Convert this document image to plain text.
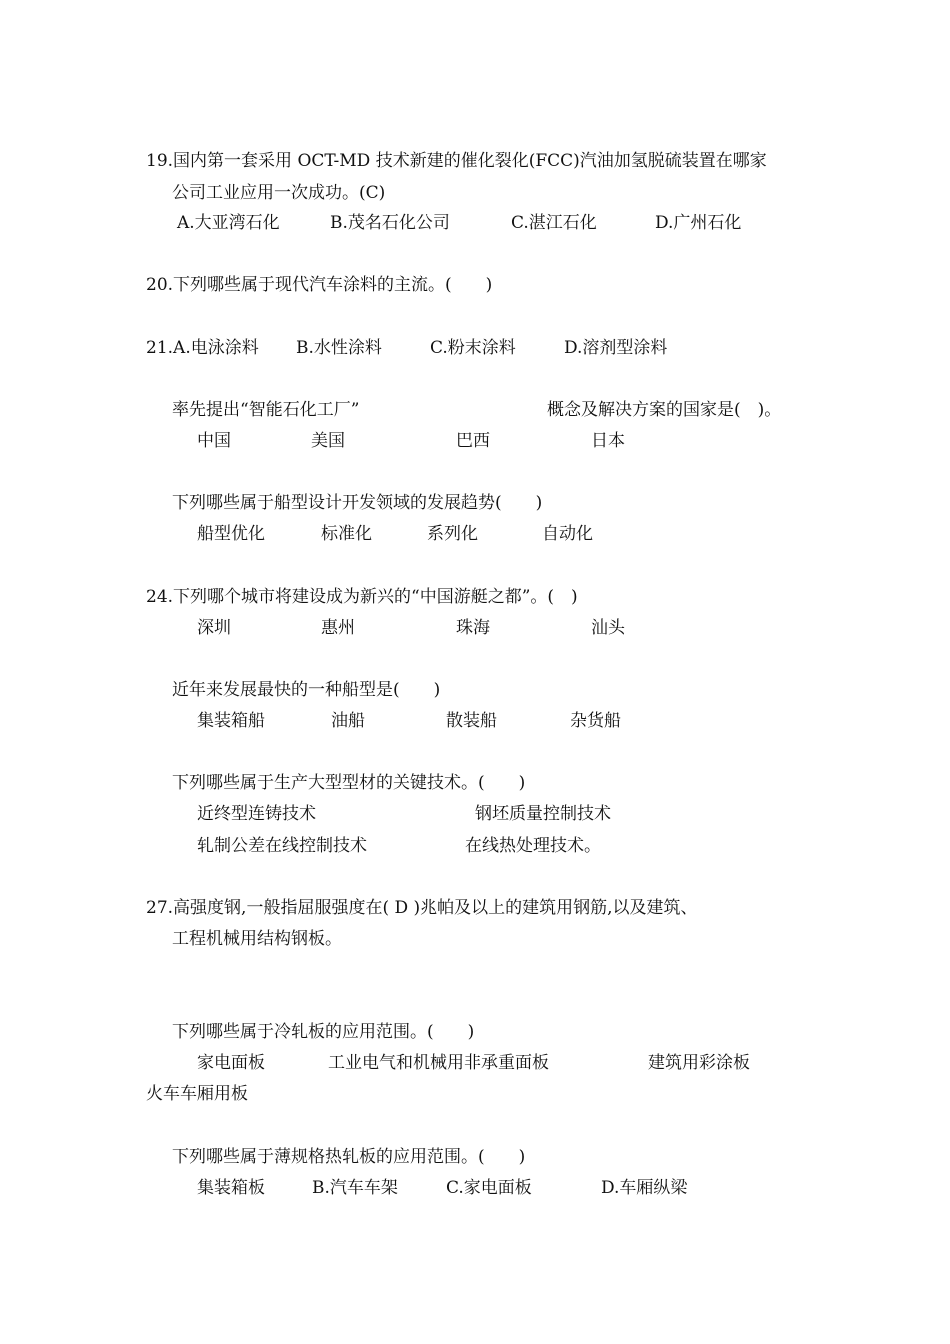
19.国内第一套采用 OCT-MD 技术新建的催化裂化(FCC)汽油加氢脱硫装置在哪家
公司工业应用一次成功。(C)
A.大亚湾石化	B.茂名石化公司	C.湛江石化	D.广州石化
20.下列哪些属于现代汽车涂料的主流。(　　)
21.A.电泳涂料 B.水性涂料	C.粉末涂料	D.溶剂型涂料
率先提出“智能石化工厂”	概念及解决方案的国家是(　)。
中国	美国	巴西	日本
下列哪些属于船型设计开发领域的发展趋势(　　)
船型优化	标准化	系列化	自动化
24.下列哪个城市将建设成为新兴的“中国游艇之都”。(　)
深圳	惠州	珠海	汕头
近年来发展最快的一种船型是(　　)
集装箱船	油船	散装船	杂货船
下列哪些属于生产大型型材的关键技术。(　　)
近终型连铸技术	钢坯质量控制技术
轧制公差在线控制技术	在线热处理技术。
27.高强度钢,一般指屈服强度在( D )兆帕及以上的建筑用钢筋,以及建筑、
工程机械用结构钢板。
下列哪些属于冷轧板的应用范围。(　　)
家电面板	工业电气和机械用非承重面板	建筑用彩涂板
火车车厢用板
下列哪些属于薄规格热轧板的应用范围。(　　)
集装箱板	B.汽车车架	C.家电面板	D.车厢纵梁
